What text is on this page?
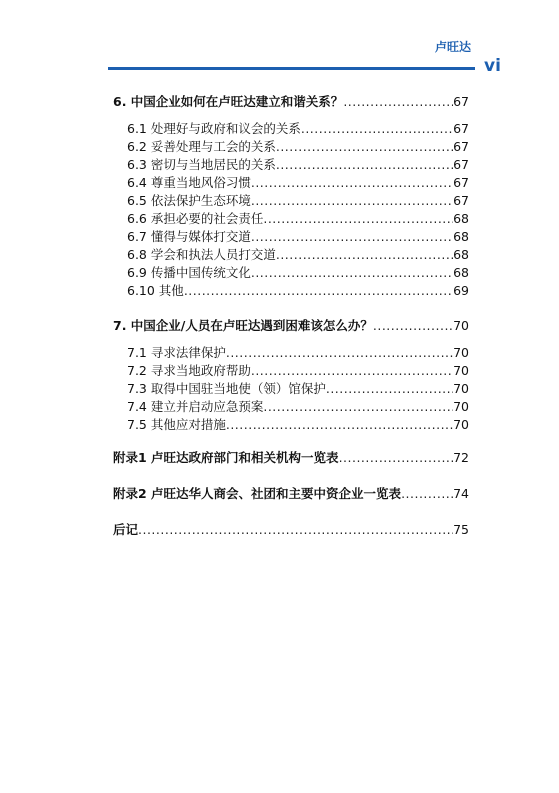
卢旺达
vi
6. 中国企业如何在卢旺达建立和谐关系？ .....	67
6.1 处理好与政府和议会的关系 .....	67
6.2 妥善处理与工会的关系 .....	67
6.3 密切与当地居民的关系 .....	67
6.4 尊重当地风俗习惯 .....	67
6.5 依法保护生态环境 .....	67
6.6 承担必要的社会责任 .....	68
6.7 懂得与媒体打交道 .....	68
6.8 学会和执法人员打交道 .....	68
6.9 传播中国传统文化 .....	68
6.10 其他 .....	69
7. 中国企业/人员在卢旺达遇到困难该怎么办？ .....	70
7.1 寻求法律保护 .....	70
7.2 寻求当地政府帮助 .....	70
7.3 取得中国驻当地使（领）馆保护 .....	70
7.4 建立并启动应急预案 .....	70
7.5 其他应对措施 .....	70
附录1 卢旺达政府部门和相关机构一览表 .....	72
附录2 卢旺达华人商会、社团和主要中资企业一览表 .....	74
后记 .....	75
